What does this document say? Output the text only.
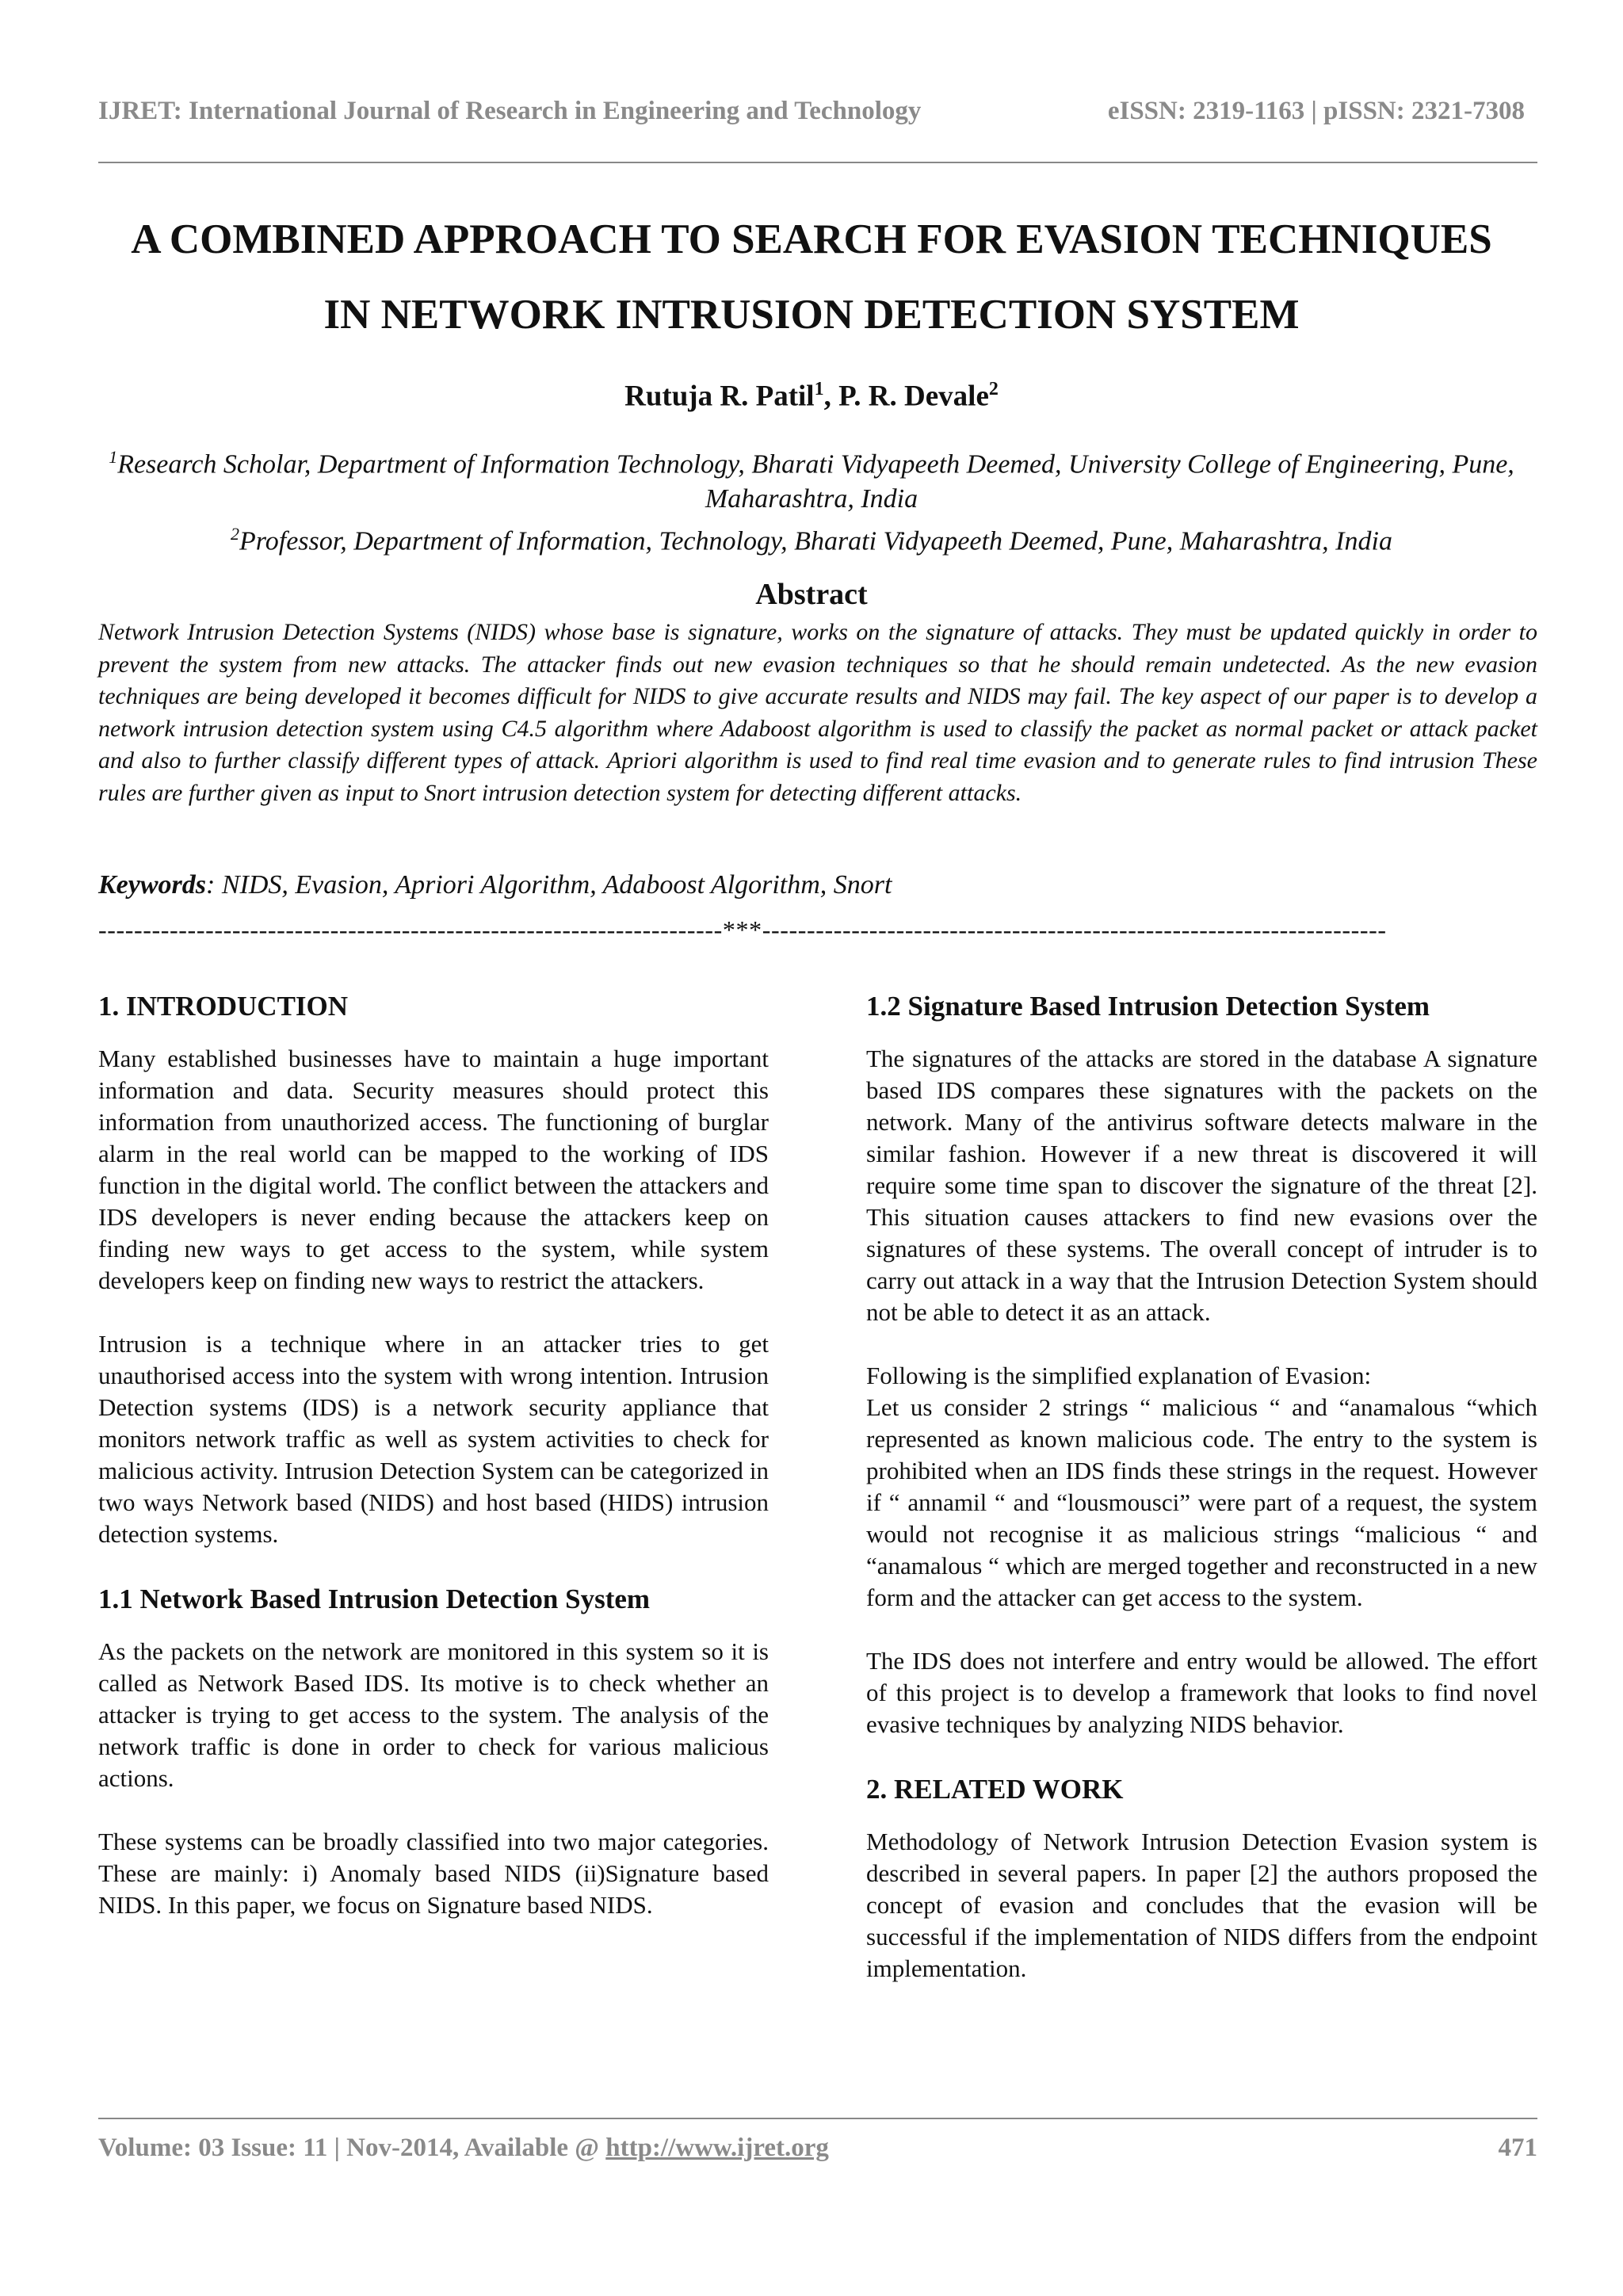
IJRET: International Journal of Research in Engineering and Technology	eISSN: 2319-1163 | pISSN: 2321-7308
A COMBINED APPROACH TO SEARCH FOR EVASION TECHNIQUES
IN NETWORK INTRUSION DETECTION SYSTEM

Rutuja R. Patil$^1$, P. R. Devale$^2$

$^1$Research Scholar, Department of Information Technology, Bharati Vidyapeeth Deemed, University College of Engineering, Pune, Maharashtra, India
$^2$Professor, Department of Information, Technology, Bharati Vidyapeeth Deemed, Pune, Maharashtra, India
Abstract

Network Intrusion Detection Systems (NIDS) whose base is signature, works on the signature of attacks. They must be updated quickly in order to prevent the system from new attacks. The attacker finds out new evasion techniques so that he should remain undetected. As the new evasion techniques are being developed it becomes difficult for NIDS to give accurate results and NIDS may fail. The key aspect of our paper is to develop a network intrusion detection system using C4.5 algorithm where Adaboost algorithm is used to classify the packet as normal packet or attack packet and also to further classify different types of attack. Apriori algorithm is used to find real time evasion and to generate rules to find intrusion These rules are further given as input to Snort intrusion detection system for detecting different attacks.

Keywords: NIDS, Evasion, Apriori Algorithm, Adaboost Algorithm, Snort

----------------------------------------------------------------------***----------------------------------------------------------------------
1. INTRODUCTION

Many established businesses have to maintain a huge important information and data. Security measures should protect this information from unauthorized access. The functioning of burglar alarm in the real world can be mapped to the working of IDS function in the digital world. The conflict between the attackers and IDS developers is never ending because the attackers keep on finding new ways to get access to the system, while system developers keep on finding new ways to restrict the attackers.

Intrusion is a technique where in an attacker tries to get unauthorised access into the system with wrong intention. Intrusion Detection systems (IDS) is a network security appliance that monitors network traffic as well as system activities to check for malicious activity. Intrusion Detection System can be categorized in two ways Network based (NIDS) and host based (HIDS) intrusion detection systems.

1.1 Network Based Intrusion Detection System

As the packets on the network are monitored in this system so it is called as Network Based IDS. Its motive is to check whether an attacker is trying to get access to the system. The analysis of the network traffic is done in order to check for various malicious actions.

These systems can be broadly classified into two major categories. These are mainly: i) Anomaly based NIDS (ii)Signature based NIDS. In this paper, we focus on Signature based NIDS.

1.2 Signature Based Intrusion Detection System

The signatures of the attacks are stored in the database A signature based IDS compares these signatures with the packets on the network. Many of the antivirus software detects malware in the similar fashion. However if a new threat is discovered it will require some time span to discover the signature of the threat [2]. This situation causes attackers to find new evasions over the signatures of these systems. The overall concept of intruder is to carry out attack in a way that the Intrusion Detection System should not be able to detect it as an attack.

Following is the simplified explanation of Evasion:

Let us consider 2 strings “ malicious “ and “anamalous “which represented as known malicious code. The entry to the system is prohibited when an IDS finds these strings in the request. However if “ annamil “ and “lousmousci” were part of a request, the system would not recognise it as malicious strings “malicious “ and “anamalous “ which are merged together and reconstructed in a new form and the attacker can get access to the system.

The IDS does not interfere and entry would be allowed. The effort of this project is to develop a framework that looks to find novel evasive techniques by analyzing NIDS behavior.

2. RELATED WORK

Methodology of Network Intrusion Detection Evasion system is described in several papers. In paper [2] the authors proposed the concept of evasion and concludes that the evasion will be successful if the implementation of NIDS differs from the endpoint implementation.

Volume: 03 Issue: 11 | Nov-2014, Available @ http://www.ijret.org	471
